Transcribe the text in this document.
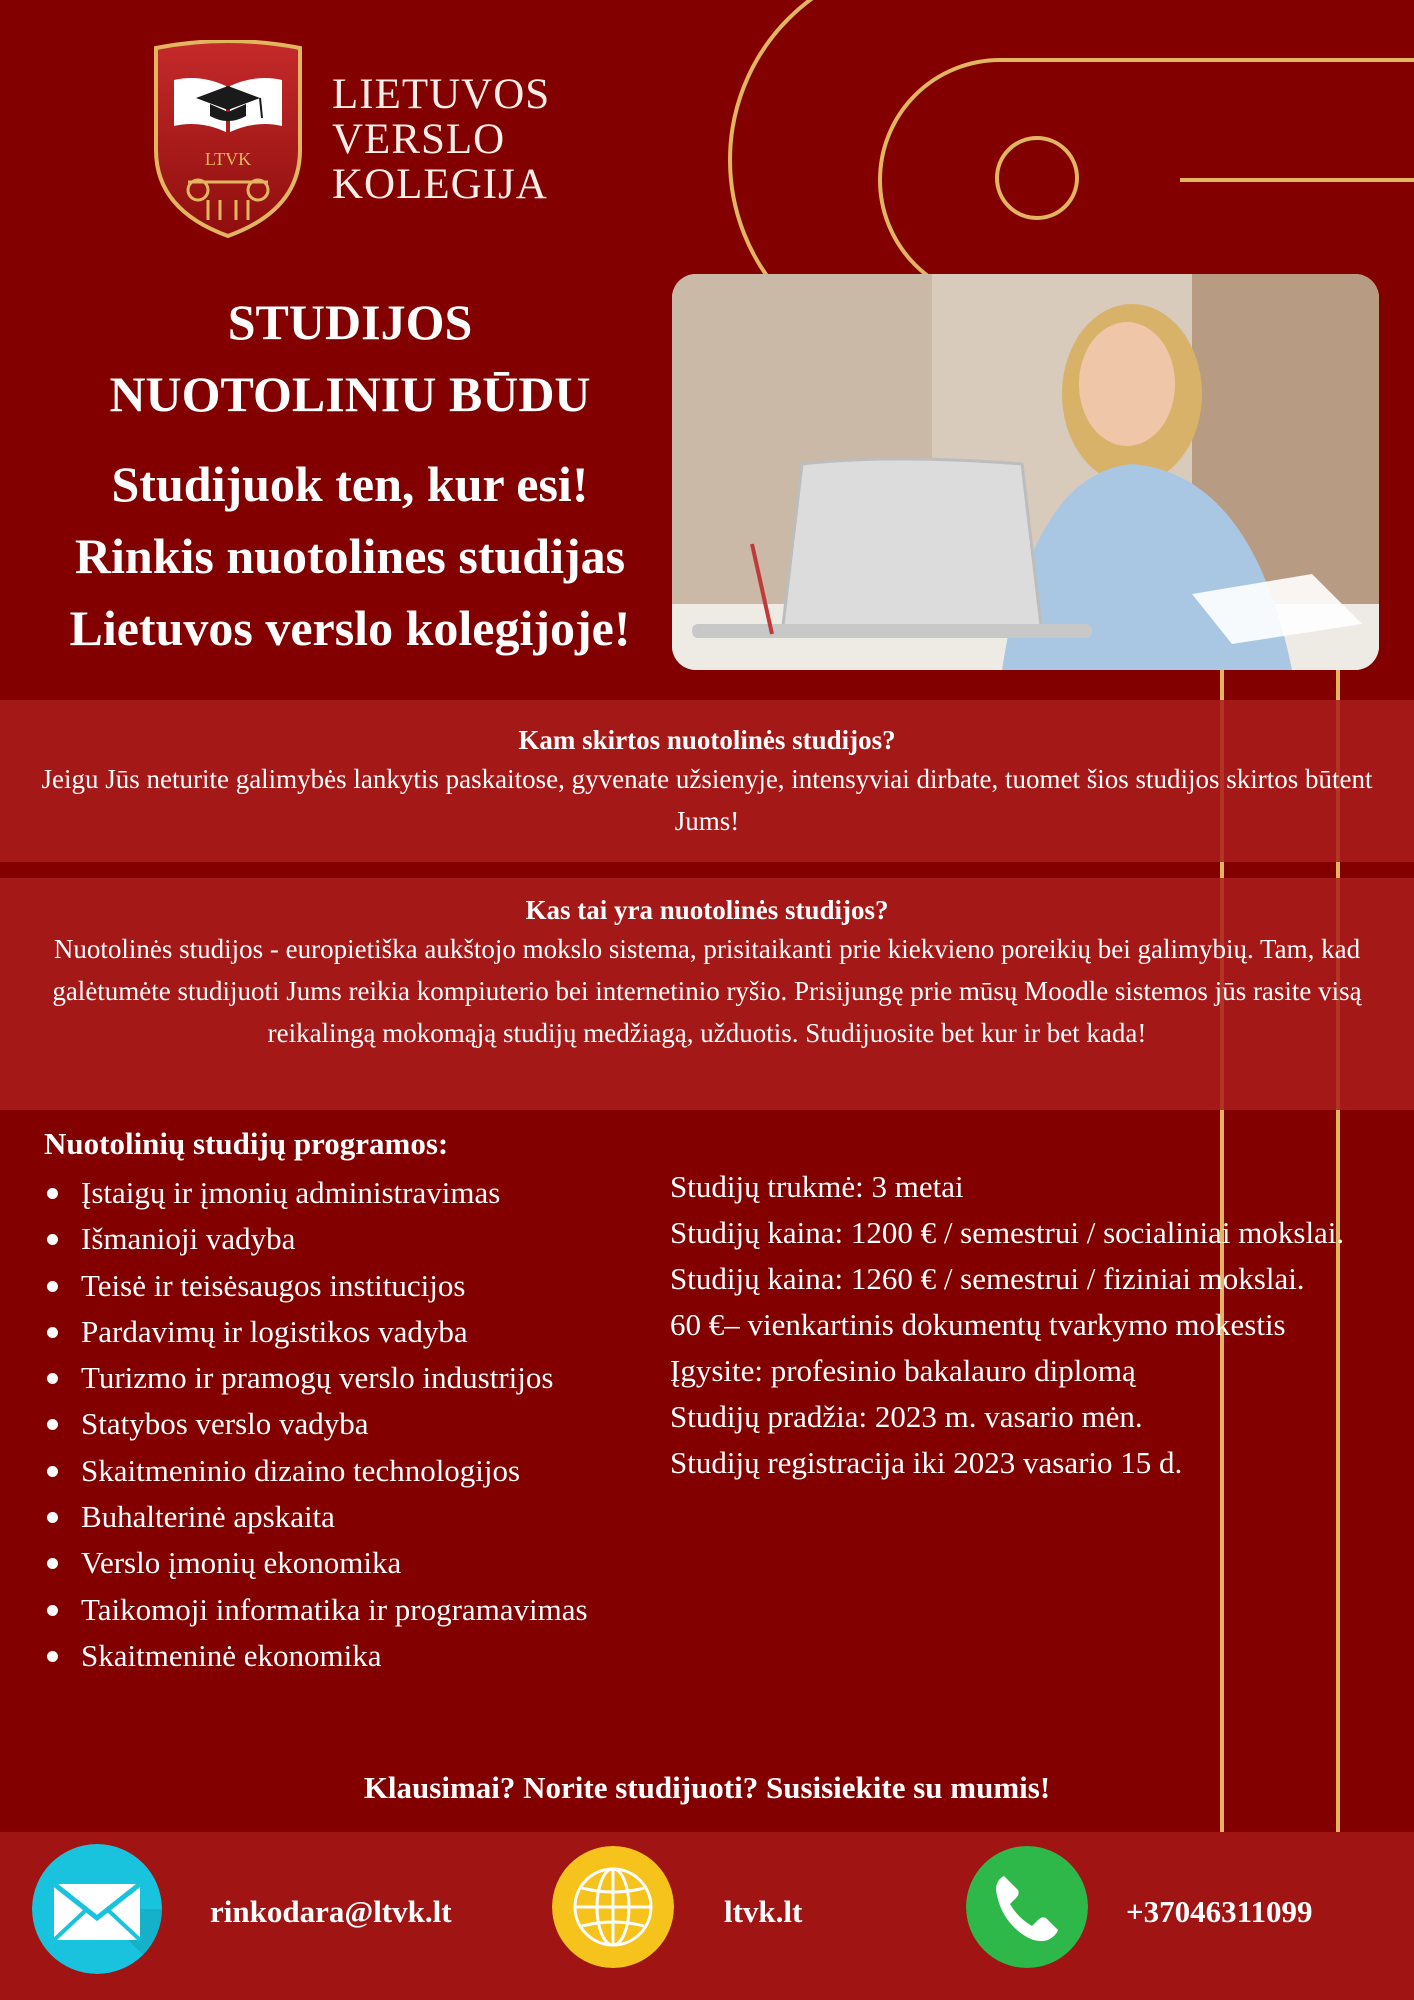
LTVK
LIETUVOS
VERSLO
KOLEGIJA
STUDIJOS
NUOTOLINIU BŪDU
Studijuok ten, kur esi!
Rinkis nuotolines studijas
Lietuvos verslo kolegijoje!
Kam skirtos nuotolinės studijos?

Jeigu Jūs neturite galimybės lankytis paskaitose, gyvenate užsienyje, intensyviai dirbate, tuomet šios studijos skirtos būtent Jums!

Kas tai yra nuotolinės studijos?

Nuotolinės studijos - europietiška aukštojo mokslo sistema, prisitaikanti prie kiekvieno poreikių bei galimybių. Tam, kad galėtumėte studijuoti Jums reikia kompiuterio bei internetinio ryšio. Prisijungę prie mūsų Moodle sistemos jūs rasite visą reikalingą mokomąją studijų medžiagą, užduotis. Studijuosite bet kur ir bet kada!

Nuotolinių studijų programos:
Įstaigų ir įmonių administravimas
Išmanioji vadyba
Teisė ir teisėsaugos institucijos
Pardavimų ir logistikos vadyba
Turizmo ir pramogų verslo industrijos
Statybos verslo vadyba
Skaitmeninio dizaino technologijos
Buhalterinė apskaita
Verslo įmonių ekonomika
Taikomoji informatika ir programavimas
Skaitmeninė ekonomika
Studijų trukmė: 3 metai
Studijų kaina: 1200 € / semestrui / socialiniai mokslai.
Studijų kaina: 1260 € / semestrui / fiziniai mokslai.
60 €– vienkartinis dokumentų tvarkymo mokestis
Įgysite: profesinio bakalauro diplomą
Studijų pradžia: 2023 m. vasario mėn.
Studijų registracija iki 2023 vasario 15 d.
Klausimai? Norite studijuoti? Susisiekite su mumis!
rinkodara@ltvk.lt	ltvk.lt	+37046311099
